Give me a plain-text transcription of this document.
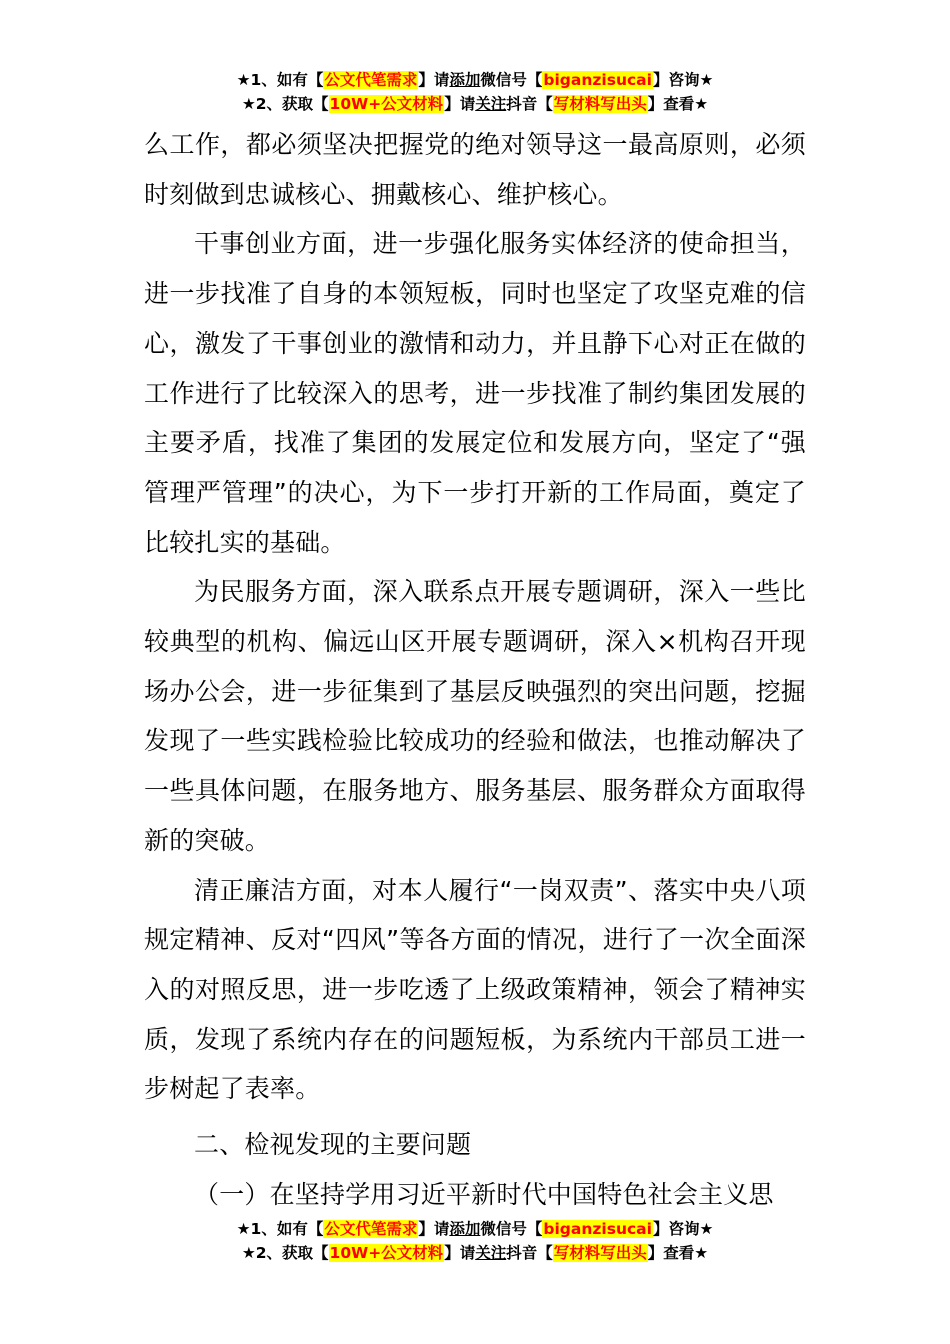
★1、如有【公文代笔需求】请添加微信号【biganzisucai】咨询★
★2、获取【10W+公文材料】请关注抖音【写材料写出头】查看★

么工作，都必须坚决把握党的绝对领导这一最高原则，必须时刻做到忠诚核心、拥戴核心、维护核心。

干事创业方面，进一步强化服务实体经济的使命担当，进一步找准了自身的本领短板，同时也坚定了攻坚克难的信心，激发了干事创业的激情和动力，并且静下心对正在做的工作进行了比较深入的思考，进一步找准了制约集团发展的主要矛盾，找准了集团的发展定位和发展方向，坚定了“强管理严管理”的决心，为下一步打开新的工作局面，奠定了比较扎实的基础。

为民服务方面，深入联系点开展专题调研，深入一些比较典型的机构、偏远山区开展专题调研，深入×机构召开现场办公会，进一步征集到了基层反映强烈的突出问题，挖掘发现了一些实践检验比较成功的经验和做法，也推动解决了一些具体问题，在服务地方、服务基层、服务群众方面取得新的突破。

清正廉洁方面，对本人履行“一岗双责”、落实中央八项规定精神、反对“四风”等各方面的情况，进行了一次全面深入的对照反思，进一步吃透了上级政策精神，领会了精神实质，发现了系统内存在的问题短板，为系统内干部员工进一步树起了表率。

二、检视发现的主要问题

（一）在坚持学用习近平新时代中国特色社会主义思

★1、如有【公文代笔需求】请添加微信号【biganzisucai】咨询★
★2、获取【10W+公文材料】请关注抖音【写材料写出头】查看★
